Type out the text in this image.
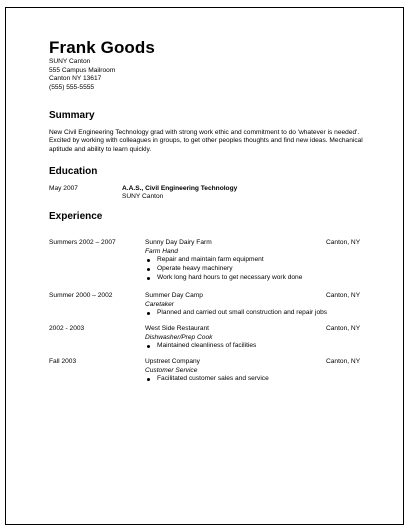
Frank Goods
SUNY Canton
555 Campus Mailroom
Canton NY 13617
(555) 555-5555
Summary
New Civil Engineering Technology grad with strong work ethic and commitment to do 'whatever is needed'. Excited by working with colleagues in groups, to get other peoples thoughts and find new ideas. Mechanical aptitude and ability to learn quickly.
Education
May 2007	A.A.S., Civil Engineering Technology
SUNY Canton
Experience
Summers 2002 – 2007	Sunny Day Dairy Farm	Canton, NY
Farm Hand
Repair and maintain farm equipment
Operate heavy machinery
Work long hard hours to get necessary work done
Summer 2000 – 2002	Summer Day Camp	Canton, NY
Caretaker
Planned and carried out small construction and repair jobs
2002 - 2003	West Side Restaurant	Canton, NY
Dishwasher/Prep Cook
Maintained cleanliness of facilities
Fall 2003	Upstreet Company	Canton, NY
Customer Service
Facilitated customer sales and service
